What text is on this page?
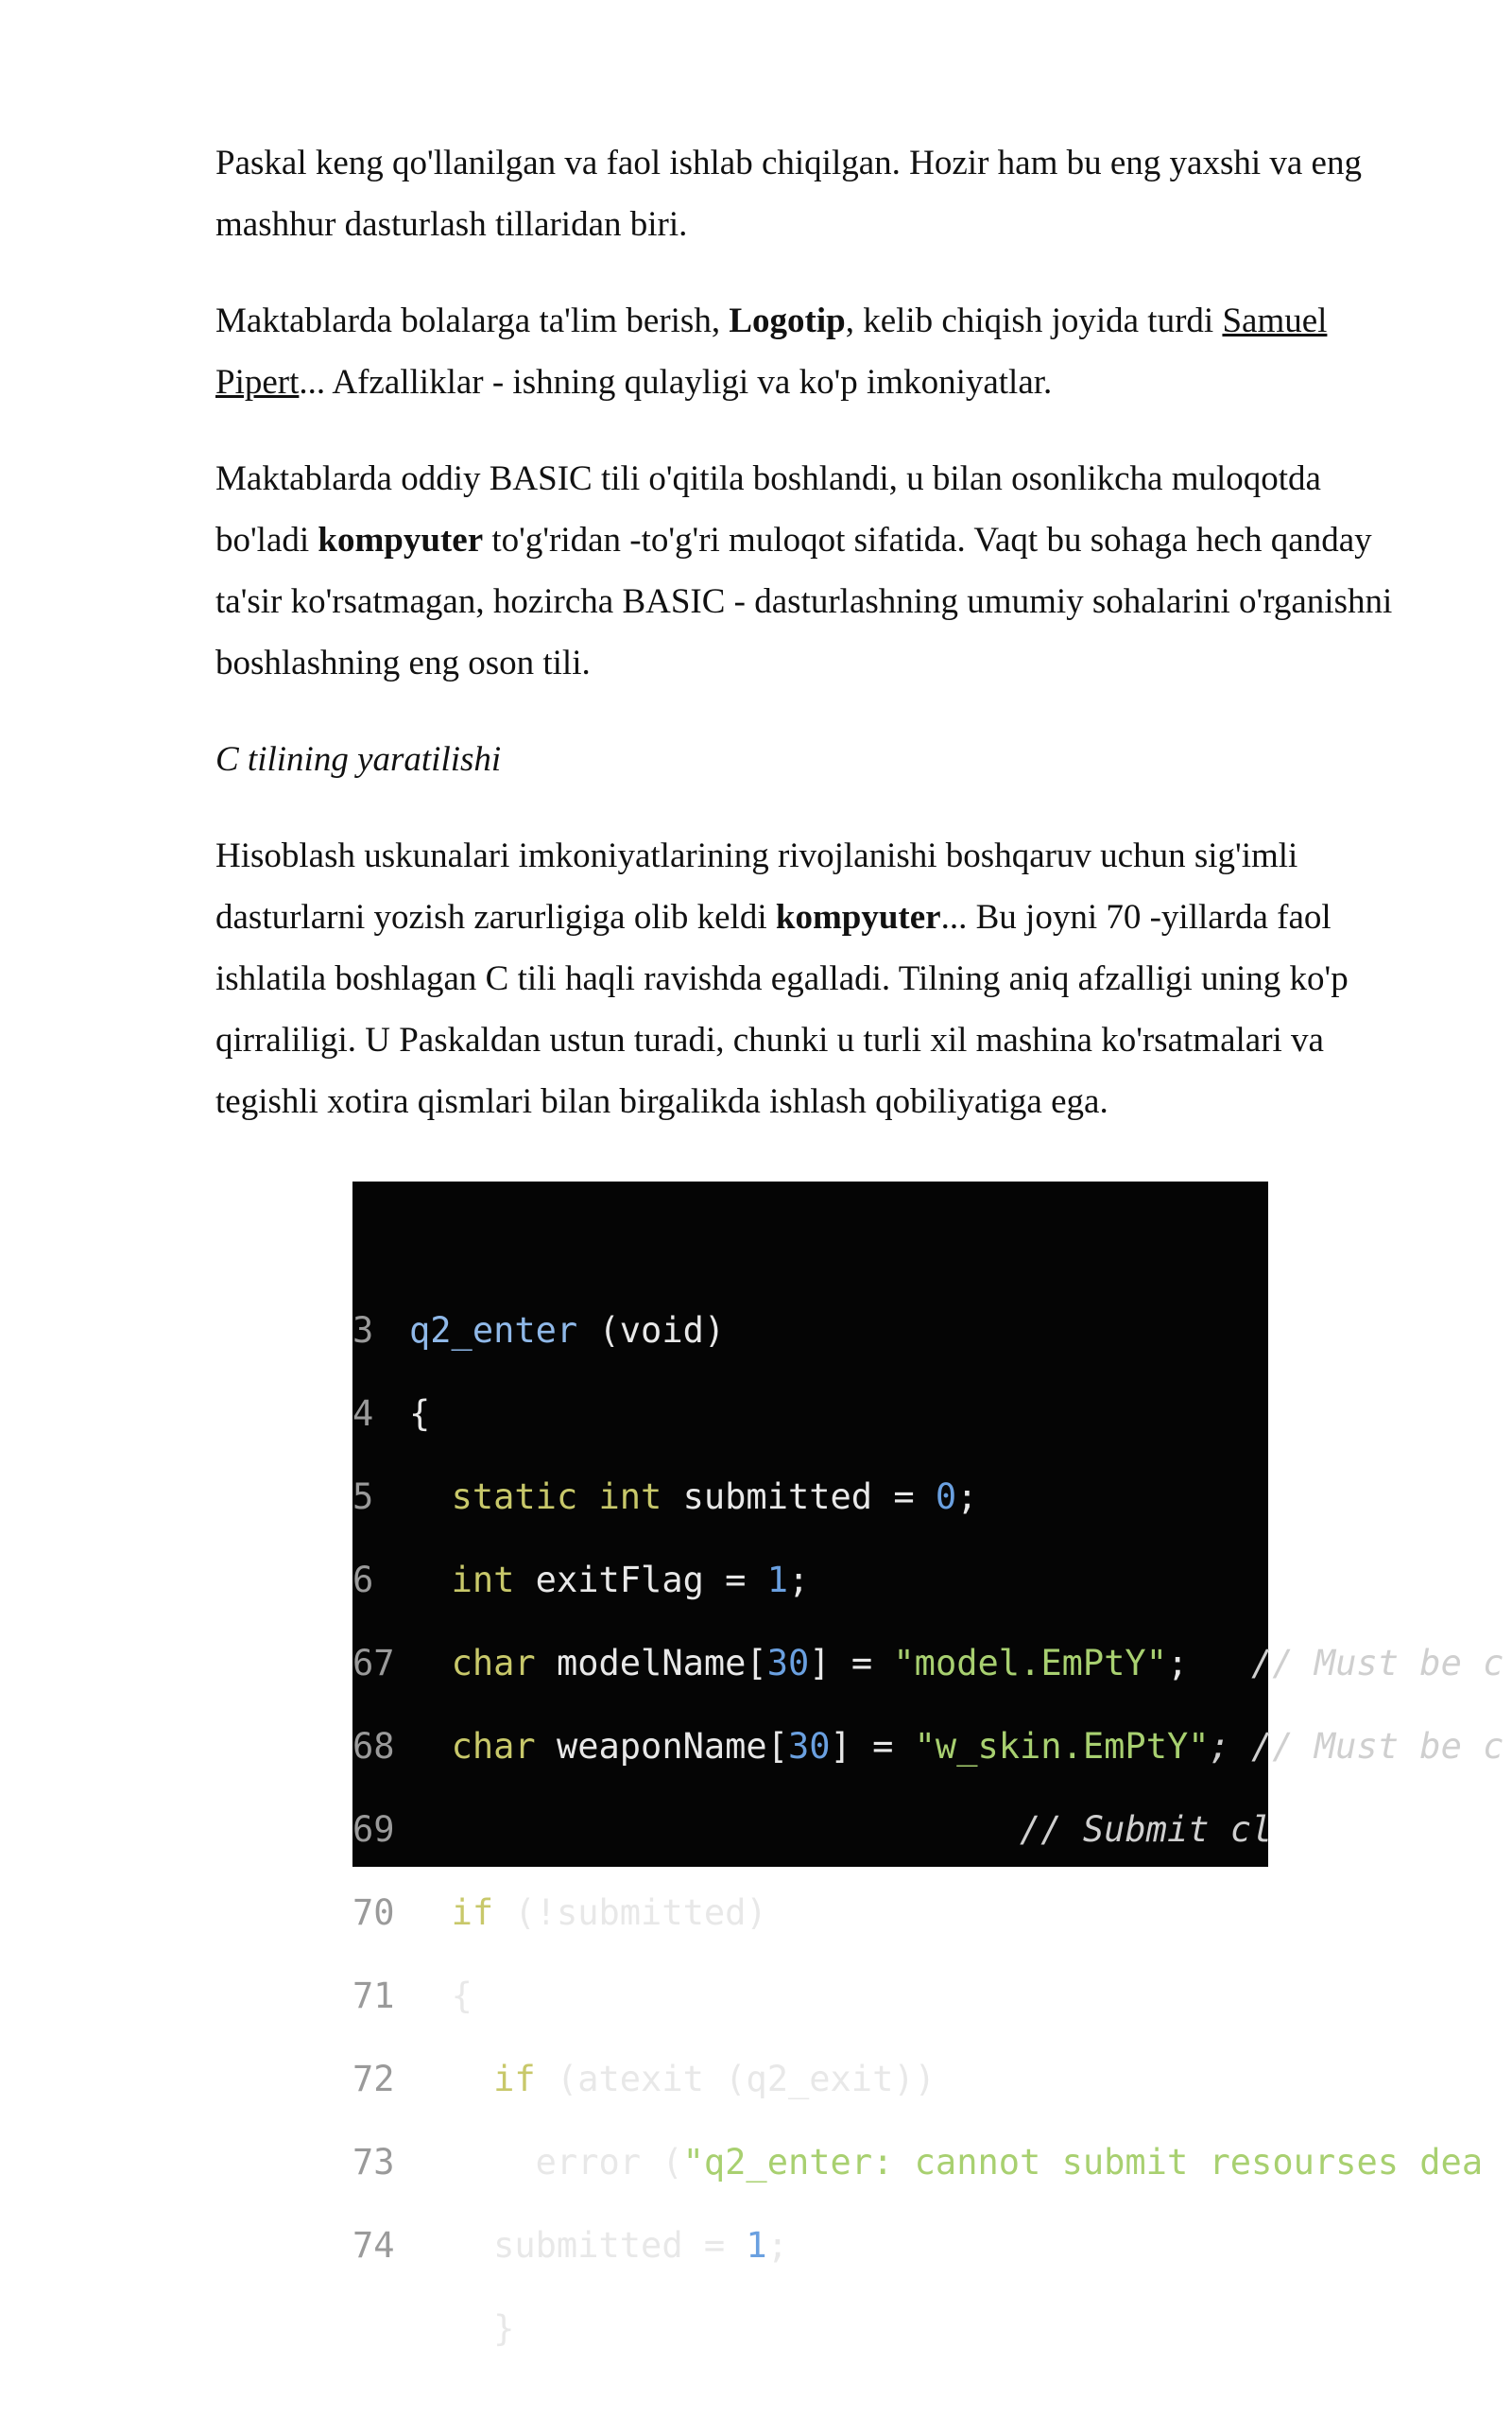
Paskal keng qo'llanilgan va faol ishlab chiqilgan. Hozir ham bu eng yaxshi va eng mashhur dasturlash tillaridan biri.

Maktablarda bolalarga ta'lim berish, Logotip, kelib chiqish joyida turdi Samuel Pipert... Afzalliklar - ishning qulayligi va ko'p imkoniyatlar.

Maktablarda oddiy BASIC tili o'qitila boshlandi, u bilan osonlikcha muloqotda bo'ladi kompyuter to'g'ridan -to'g'ri muloqot sifatida. Vaqt bu sohaga hech qanday ta'sir ko'rsatmagan, hozircha BASIC - dasturlashning umumiy sohalarini o'rganishni boshlashning eng oson tili.

C tilining yaratilishi

Hisoblash uskunalari imkoniyatlarining rivojlanishi boshqaruv uchun sig'imli dasturlarni yozish zarurligiga olib keldi kompyuter... Bu joyni 70 -yillarda faol ishlatila boshlagan C tili haqli ravishda egalladi. Tilning aniq afzalligi uning ko'p qirraliligi. U Paskaldan ustun turadi, chunki u turli xil mashina ko'rsatmalari va tegishli xotira qismlari bilan birgalikda ishlash qobiliyatiga ega.

3 q2_enter (void)

4 {

5 static int submitted = 0;

6 int exitFlag = 1;

67 char modelName[30] = "model.EmPtY";   // Must be c

68 char weaponName[30] = "w_skin.EmPtY"; // Must be c

69	// Submit cl

70 if (!submitted)

71 {

72	if (atexit (q2_exit))

73	error ("q2_enter: cannot submit resourses dea

74	submitted = 1;

}
